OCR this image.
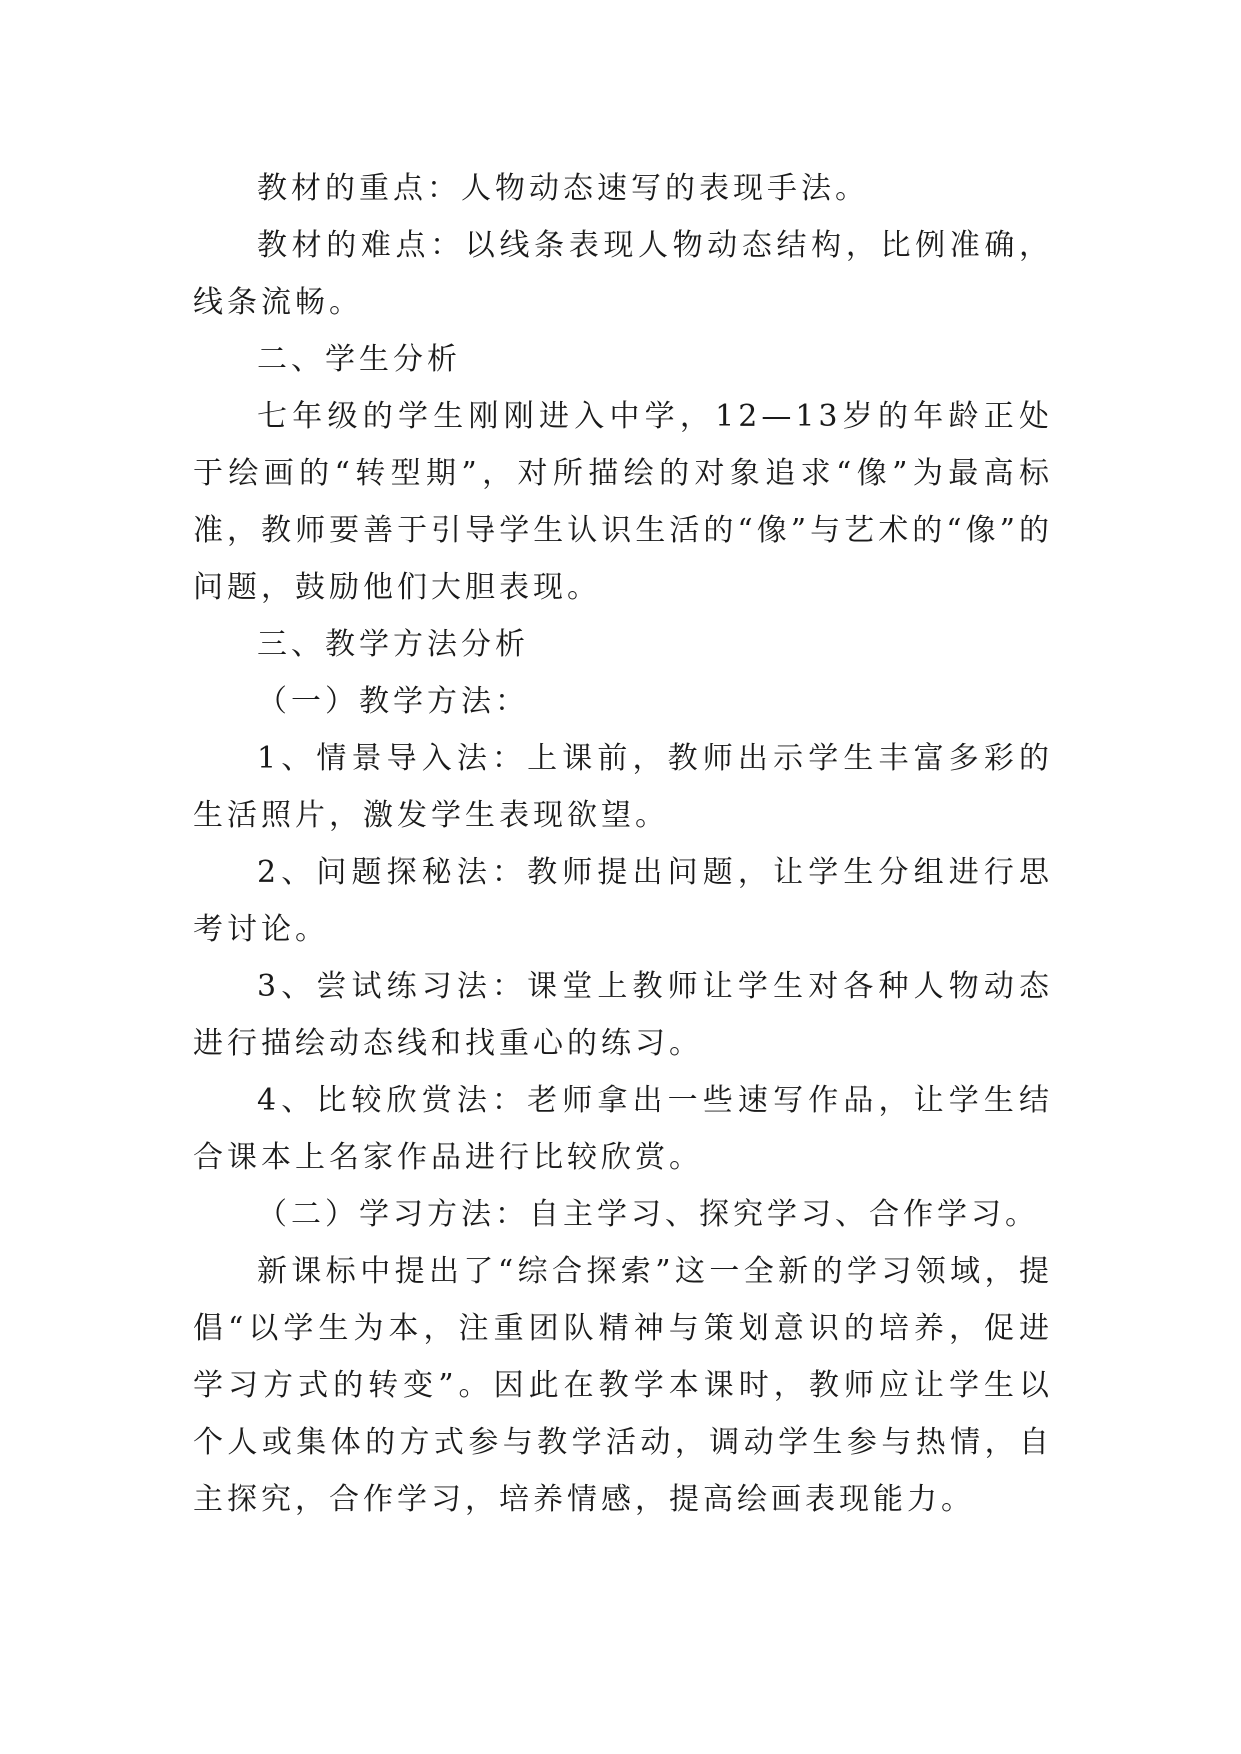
教材的重点：人物动态速写的表现手法。

教材的难点：以线条表现人物动态结构，比例准确，线条流畅。

二、学生分析

七年级的学生刚刚进入中学，12—13岁的年龄正处于绘画的“转型期”，对所描绘的对象追求“像”为最高标准，教师要善于引导学生认识生活的“像”与艺术的“像”的问题，鼓励他们大胆表现。

三、教学方法分析

（一）教学方法：

1、情景导入法：上课前，教师出示学生丰富多彩的生活照片，激发学生表现欲望。

2、问题探秘法：教师提出问题，让学生分组进行思考讨论。

3、尝试练习法：课堂上教师让学生对各种人物动态进行描绘动态线和找重心的练习。

4、比较欣赏法：老师拿出一些速写作品，让学生结合课本上名家作品进行比较欣赏。

（二）学习方法：自主学习、探究学习、合作学习。

新课标中提出了“综合探索”这一全新的学习领域，提倡“以学生为本，注重团队精神与策划意识的培养，促进学习方式的转变”。因此在教学本课时，教师应让学生以个人或集体的方式参与教学活动，调动学生参与热情，自主探究，合作学习，培养情感，提高绘画表现能力。
